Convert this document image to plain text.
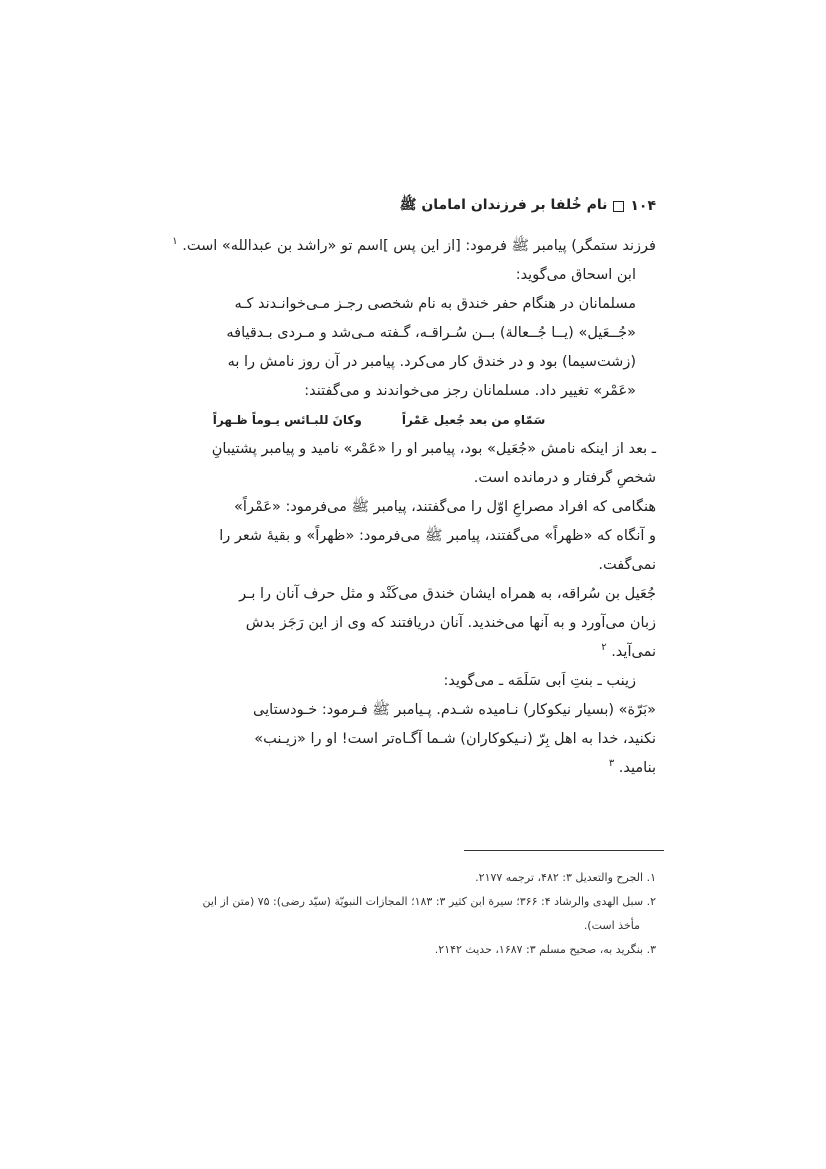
۱۰۴
نام خُلفا بر فرزندان امامان ﷺ

فرزند ستمگر) پیامبر ﷺ فرمود: [از این پس ]اسم تو «راشد بن عبدالله» است. $^۱$

ابن اسحاق می‌گوید:

مسلمانان در هنگام حفر خندق به نام شخصی رجـز مـی‌خوانـدند کـه

«جُــعَیل» (یــا جُــعالة) بــن سُـراقـه، گـفته مـی‌شد و مـردی بـدقیافه

(زشت‌سیما) بود و در خندق کار می‌کرد. پیامبر در آن روز نامش را به

«عَمْر» تغییر داد. مسلمانان رجز می‌خواندند و می‌گفتند:

سَمّاهِ من بعد جُعیل عَمْراً
وکانَ للبـائس یـوماً ظـهراً

ـ بعد از اینکه نامش «جُعَیل» بود، پیامبر او را «عَمْر» نامید و پیامبر پشتیبانِ

شخصِ گرفتار و درمانده است.

هنگامی که افراد مصراعِ اوّل را می‌گفتند، پیامبر ﷺ می‌فرمود: «عَمْراً»

و آنگاه که «ظهراً» می‌گفتند، پیامبر ﷺ می‌فرمود: «ظهراً» و بقیهٔ شعر را

نمی‌گفت.

جُعَیل بن سُراقه، به همراه ایشان خندق می‌کَنْد و مثل حرف آنان را بـر

زبان می‌آورد و به آنها می‌خندید. آنان دریافتند که وی از این رَجَز بدش

نمی‌آید. $^۲$

زینب ـ بنتِ اَبی سَلَمَه ـ می‌گوید:

«بَرّة» (بسیار نیکوکار) نـامیده شـدم. پـیامبر ﷺ فـرمود: خـودستایی

نکنید، خدا به اهل بِرّ (نـیکوکاران) شـما آگـاه‌تر است! او را «زیـنب»

بنامید. $^۳$

۱. الجرح والتعدیل ۳: ۴۸۲، ترجمه ۲۱۷۷.

۲. سبل الهدی والرشاد ۴: ۳۶۶؛ سیرة ابن کثیر ۳: ۱۸۳؛ المجازات النبویّة (سیّد رضی): ۷۵ (متن از این

مأخذ است).

۳. بنگرید به، صحیح مسلم ۳: ۱۶۸۷، حدیث ۲۱۴۲.
